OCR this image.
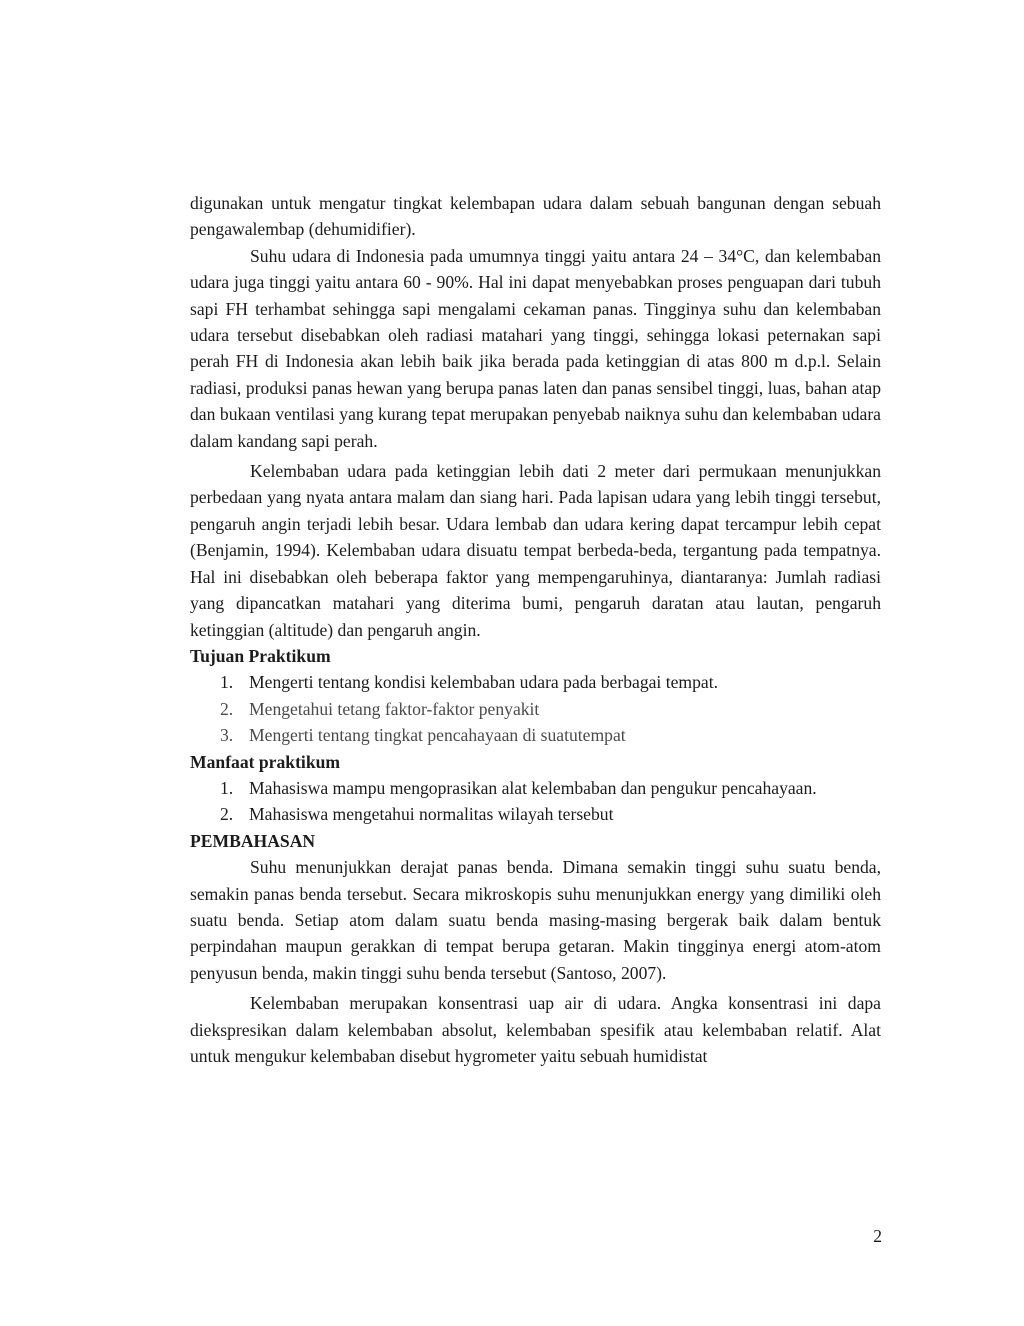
digunakan untuk mengatur tingkat kelembapan udara dalam sebuah bangunan dengan sebuah pengawalembap (dehumidifier).

Suhu udara di Indonesia pada umumnya tinggi yaitu antara 24 – 34°C, dan kelembaban udara juga tinggi yaitu antara 60 - 90%. Hal ini dapat menyebabkan proses penguapan dari tubuh sapi FH terhambat sehingga sapi mengalami cekaman panas. Tingginya suhu dan kelembaban udara tersebut disebabkan oleh radiasi matahari yang tinggi, sehingga lokasi peternakan sapi perah FH di Indonesia akan lebih baik jika berada pada ketinggian di atas 800 m d.p.l. Selain radiasi, produksi panas hewan yang berupa panas laten dan panas sensibel tinggi, luas, bahan atap dan bukaan ventilasi yang kurang tepat merupakan penyebab naiknya suhu dan kelembaban udara dalam kandang sapi perah.

Kelembaban udara pada ketinggian lebih dati 2 meter dari permukaan menunjukkan perbedaan yang nyata antara malam dan siang hari. Pada lapisan udara yang lebih tinggi tersebut, pengaruh angin terjadi lebih besar. Udara lembab dan udara kering dapat tercampur lebih cepat (Benjamin, 1994). Kelembaban udara disuatu tempat berbeda-beda, tergantung pada tempatnya. Hal ini disebabkan oleh beberapa faktor yang mempengaruhinya, diantaranya: Jumlah radiasi yang dipancatkan matahari yang diterima bumi, pengaruh daratan atau lautan, pengaruh ketinggian (altitude) dan pengaruh angin.

Tujuan Praktikum
1. Mengerti tentang kondisi kelembaban udara pada berbagai tempat.
2. Mengetahui tetang faktor-faktor penyakit
3. Mengerti tentang tingkat pencahayaan di suatutempat
Manfaat praktikum
1. Mahasiswa mampu mengoprasikan alat kelembaban dan pengukur pencahayaan.
2. Mahasiswa mengetahui normalitas wilayah tersebut
PEMBAHASAN

Suhu menunjukkan derajat panas benda. Dimana semakin tinggi suhu suatu benda, semakin panas benda tersebut. Secara mikroskopis suhu menunjukkan energy yang dimiliki oleh suatu benda. Setiap atom dalam suatu benda masing-masing bergerak baik dalam bentuk perpindahan maupun gerakkan di tempat berupa getaran. Makin tingginya energi atom-atom penyusun benda, makin tinggi suhu benda tersebut (Santoso, 2007).

Kelembaban merupakan konsentrasi uap air di udara. Angka konsentrasi ini dapa diekspresikan dalam kelembaban absolut, kelembaban spesifik atau kelembaban relatif. Alat untuk mengukur kelembaban disebut hygrometer yaitu sebuah humidistat

2
